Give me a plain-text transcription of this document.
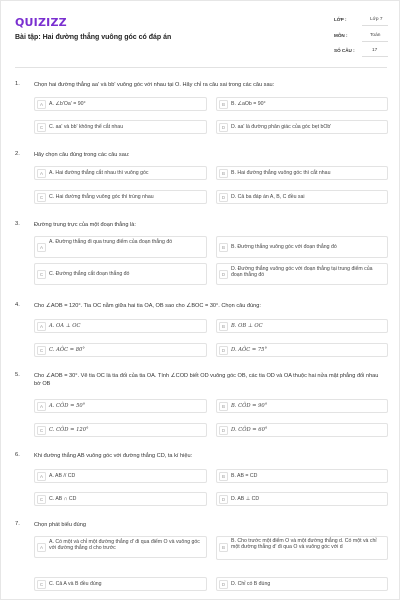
QUIZIZZ
Bài tập: Hai đường thẳng vuông góc có đáp án
LỚP :	Lớp 7
MÔN :	Toán
SỐ CÂU :	17
1.	Chọn hai đường thẳng aa' và bb' vuông góc với nhau tại O. Hãy chỉ ra câu sai trong các câu sau:
A	A. ∠b'Oa' = 90°	B	B. ∠aOb = 90°
C	C. aa' và bb' không thể cắt nhau	D	D. aa' là đường phân giác của góc bẹt bOb'
2.	Hãy chọn câu đúng trong các câu sau:
A	A. Hai đường thẳng cắt nhau thì vuông góc	B	B. Hai đường thẳng vuông góc thì cắt nhau
C	C. Hai đường thẳng vuông góc thì trùng nhau	D	D. Cả ba đáp án A, B, C đều sai
3.	Đường trung trực của một đoạn thẳng là:
A
A. Đường thẳng đi qua trung điểm của đoạn thẳng đó
B	B. Đường thẳng vuông góc với đoạn thẳng đó
C	C. Đường thẳng cắt đoạn thẳng đó	D
D. Đường thẳng vuông góc với đoạn thẳng tại trung điểm của đoạn thẳng đó
4.	Cho ∠AOB = 120°. Tia OC nằm giữa hai tia OA, OB sao cho ∠BOC = 30°. Chọn câu đúng:
A	A. OA ⊥ OC	B	B. OB ⊥ OC
C	C. AÔC = 80°	D	D. AÔC = 75°
5.	Cho ∠AOB = 30°. Vẽ tia OC là tia đối của tia OA. Tính ∠COD biết OD vuông góc OB, các tia OD và OA thuộc hai nửa mặt phẳng đối nhau bờ OB
A	A. CÔD = 50°	B	B. CÔD = 90°
C	C. CÔD = 120°	D	D. CÔD = 60°
6.	Khi đường thẳng AB vuông góc với đường thẳng CD, ta kí hiệu:
A	A. AB // CD	B	B. AB = CD
C	C. AB ∩ CD	D	D. AB ⊥ CD
7.	Chọn phát biểu đúng
A
A. Có một và chỉ một đường thẳng d' đi qua điểm O và vuông góc với đường thẳng d cho trước	B
B. Cho trước một điểm O và một đường thẳng d. Có một và chỉ một đường thẳng d' đi qua O và vuông góc với d
C	C. Cả A và B đều đúng	D	D. Chỉ có B đúng
